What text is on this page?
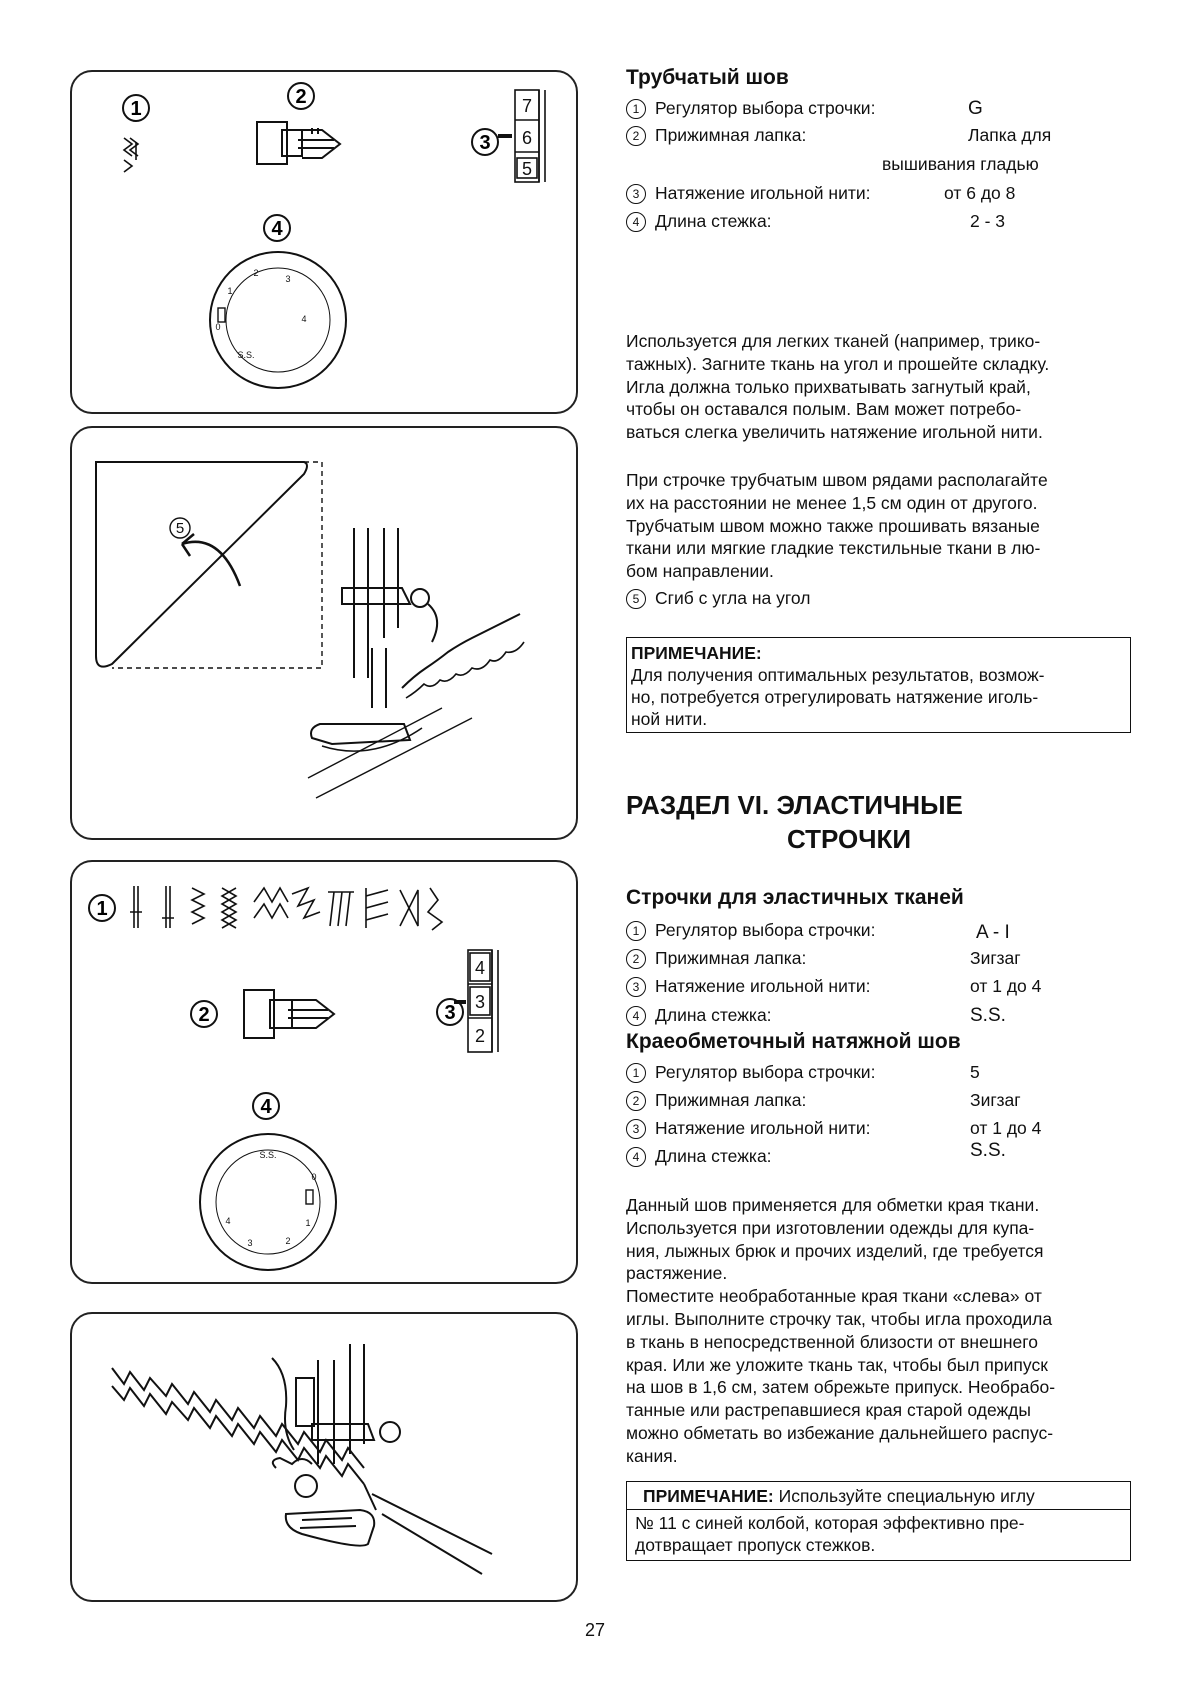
1
2
3
4
7
6
5
1
2
3
4
0
S.S.
5
1
2	3
4
4
3
2
1
2
3
4
0
S.S.
Трубчатый шов
1 Регулятор выбора строчки:	G
2 Прижимная лапка:	Лапка для
вышивания гладью
3 Натяжение игольной нити:	от 6 до 8
4 Длина стежка:	2 - 3

Используется для легких тканей (например, трико-

тажных). Загните ткань на угол и прошейте складку.

Игла должна только прихватывать загнутый край,

чтобы он оставался полым. Вам может потребо-

ваться слегка увеличить натяжение игольной нити.

При строчке трубчатым швом рядами располагайте

их на расстоянии не менее 1,5 см один от другого.

Трубчатым швом можно также прошивать вязаные

ткани или мягкие гладкие текстильные ткани в лю-

бом направлении.

5 Сгиб с угла на угол
ПРИМЕЧАНИЕ:
Для получения оптимальных результатов, возмож-
но, потребуется отрегулировать натяжение иголь-
ной нити.
РАЗДЕЛ VI. ЭЛАСТИЧНЫЕ
СТРОЧКИ
Строчки для эластичных тканей
1 Регулятор выбора строчки:	A - I
2 Прижимная лапка:	Зигзаг
3 Натяжение игольной нити:	от 1 до 4
4 Длина стежка:	S.S.
Краеобметочный натяжной шов
1 Регулятор выбора строчки:	5
2 Прижимная лапка:	Зигзаг
3 Натяжение игольной нити:	от 1 до 4
4 Длина стежка:	S.S.

Данный шов применяется для обметки края ткани.

Используется при изготовлении одежды для купа-

ния, лыжных брюк и прочих изделий, где требуется

растяжение.

Поместите необработанные края ткани «слева» от

иглы. Выполните строчку так, чтобы игла проходила

в ткань в непосредственной близости от внешнего

края. Или же уложите ткань так, чтобы был припуск

на шов в 1,6 см, затем обрежьте припуск. Необрабо-

танные или растрепавшиеся края старой одежды

можно обметать во избежание дальнейшего распус-

кания.

ПРИМЕЧАНИЕ: Используйте специальную иглу
№ 11 с синей колбой, которая эффективно пре-
дотвращает пропуск стежков.
27
